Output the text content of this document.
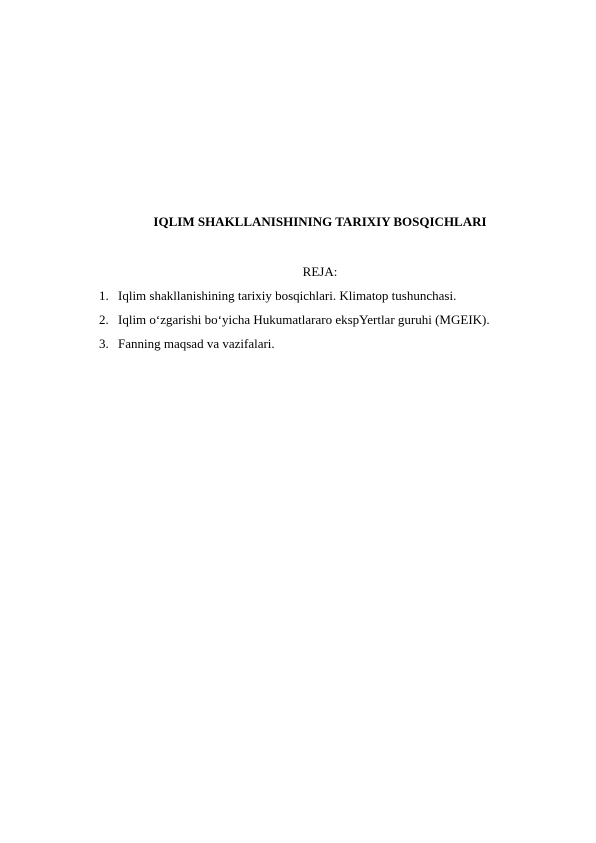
IQLIM SHAKLLANISHINING TARIXIY BOSQICHLARI
REJA:
1. Iqlim shakllanishining tarixiy bosqichlari. Klimatop tushunchasi.
2. Iqlim o‘zgarishi bo‘yicha Hukumatlararo ekspYertlar guruhi (MGEIK).
3. Fanning maqsad va vazifalari.
